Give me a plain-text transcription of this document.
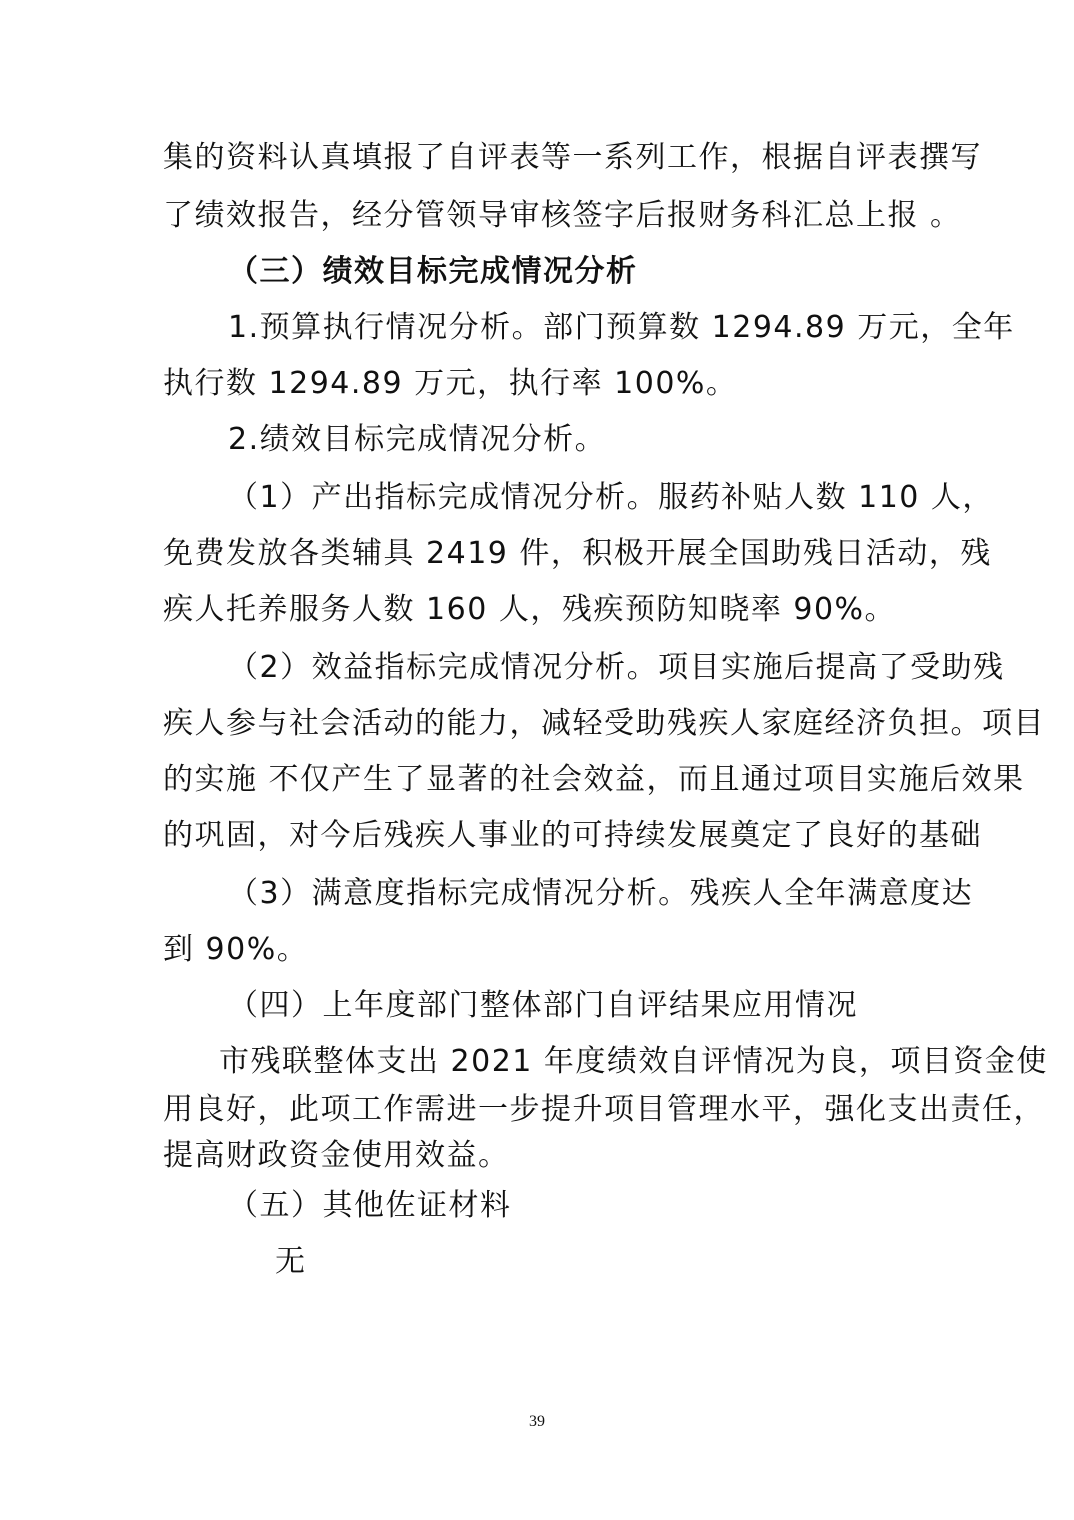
集的资料认真填报了自评表等一系列工作，根据自评表撰写
了绩效报告，经分管领导审核签字后报财务科汇总上报 。
（三）绩效目标完成情况分析
1.预算执行情况分析。部门预算数 1294.89 万元，全年
执行数 1294.89 万元，执行率 100%。
2.绩效目标完成情况分析。
（1）产出指标完成情况分析。服药补贴人数 110 人，
免费发放各类辅具 2419 件，积极开展全国助残日活动，残
疾人托养服务人数 160 人，残疾预防知晓率 90%。
（2）效益指标完成情况分析。项目实施后提高了受助残
疾人参与社会活动的能力，减轻受助残疾人家庭经济负担。项目
的实施 不仅产生了显著的社会效益，而且通过项目实施后效果
的巩固，对今后残疾人事业的可持续发展奠定了良好的基础
（3）满意度指标完成情况分析。残疾人全年满意度达
到 90%。
（四）上年度部门整体部门自评结果应用情况
市残联整体支出 2021 年度绩效自评情况为良，项目资金使
用良好，此项工作需进一步提升项目管理水平，强化支出责任，
提高财政资金使用效益。
（五）其他佐证材料
无
39
